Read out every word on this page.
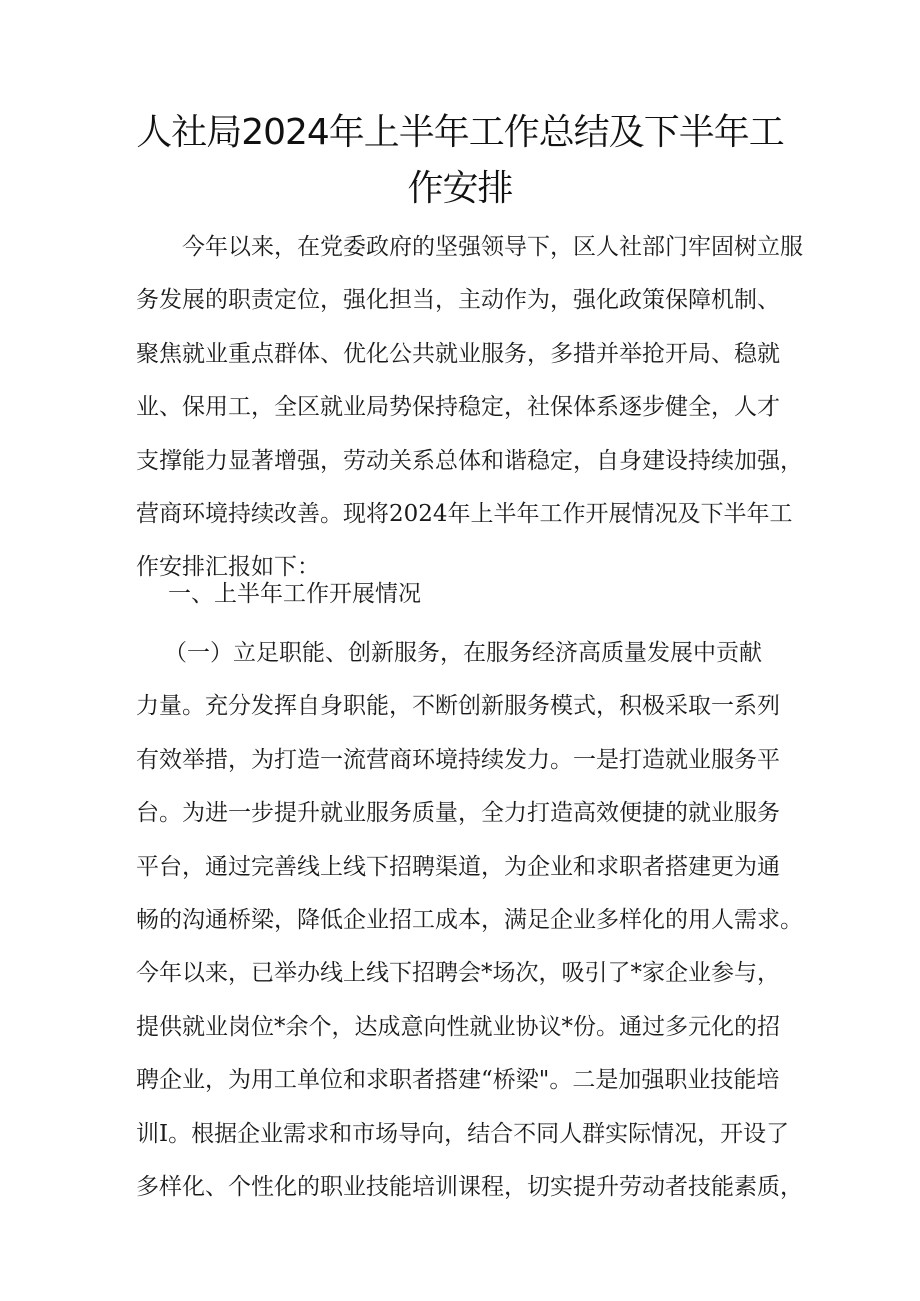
人社局2024年上半年工作总结及下半年工
作安排
今年以来，在党委政府的坚强领导下，区人社部门牢固树立服
务发展的职责定位，强化担当，主动作为，强化政策保障机制、
聚焦就业重点群体、优化公共就业服务，多措并举抢开局、稳就
业、保用工，全区就业局势保持稳定，社保体系逐步健全，人才
支撑能力显著增强，劳动关系总体和谐稳定，自身建设持续加强，
营商环境持续改善。现将2024年上半年工作开展情况及下半年工
作安排汇报如下：
一、上半年工作开展情况
（一）立足职能、创新服务，在服务经济高质量发展中贡献
力量。充分发挥自身职能，不断创新服务模式，积极采取一系列
有效举措，为打造一流营商环境持续发力。一是打造就业服务平
台。为进一步提升就业服务质量，全力打造高效便捷的就业服务
平台，通过完善线上线下招聘渠道，为企业和求职者搭建更为通
畅的沟通桥梁，降低企业招工成本，满足企业多样化的用人需求。
今年以来，已举办线上线下招聘会*场次，吸引了*家企业参与，
提供就业岗位*余个，达成意向性就业协议*份。通过多元化的招
聘企业，为用工单位和求职者搭建“桥梁"。二是加强职业技能培
训I。根据企业需求和市场导向，结合不同人群实际情况，开设了
多样化、个性化的职业技能培训课程，切实提升劳动者技能素质，
